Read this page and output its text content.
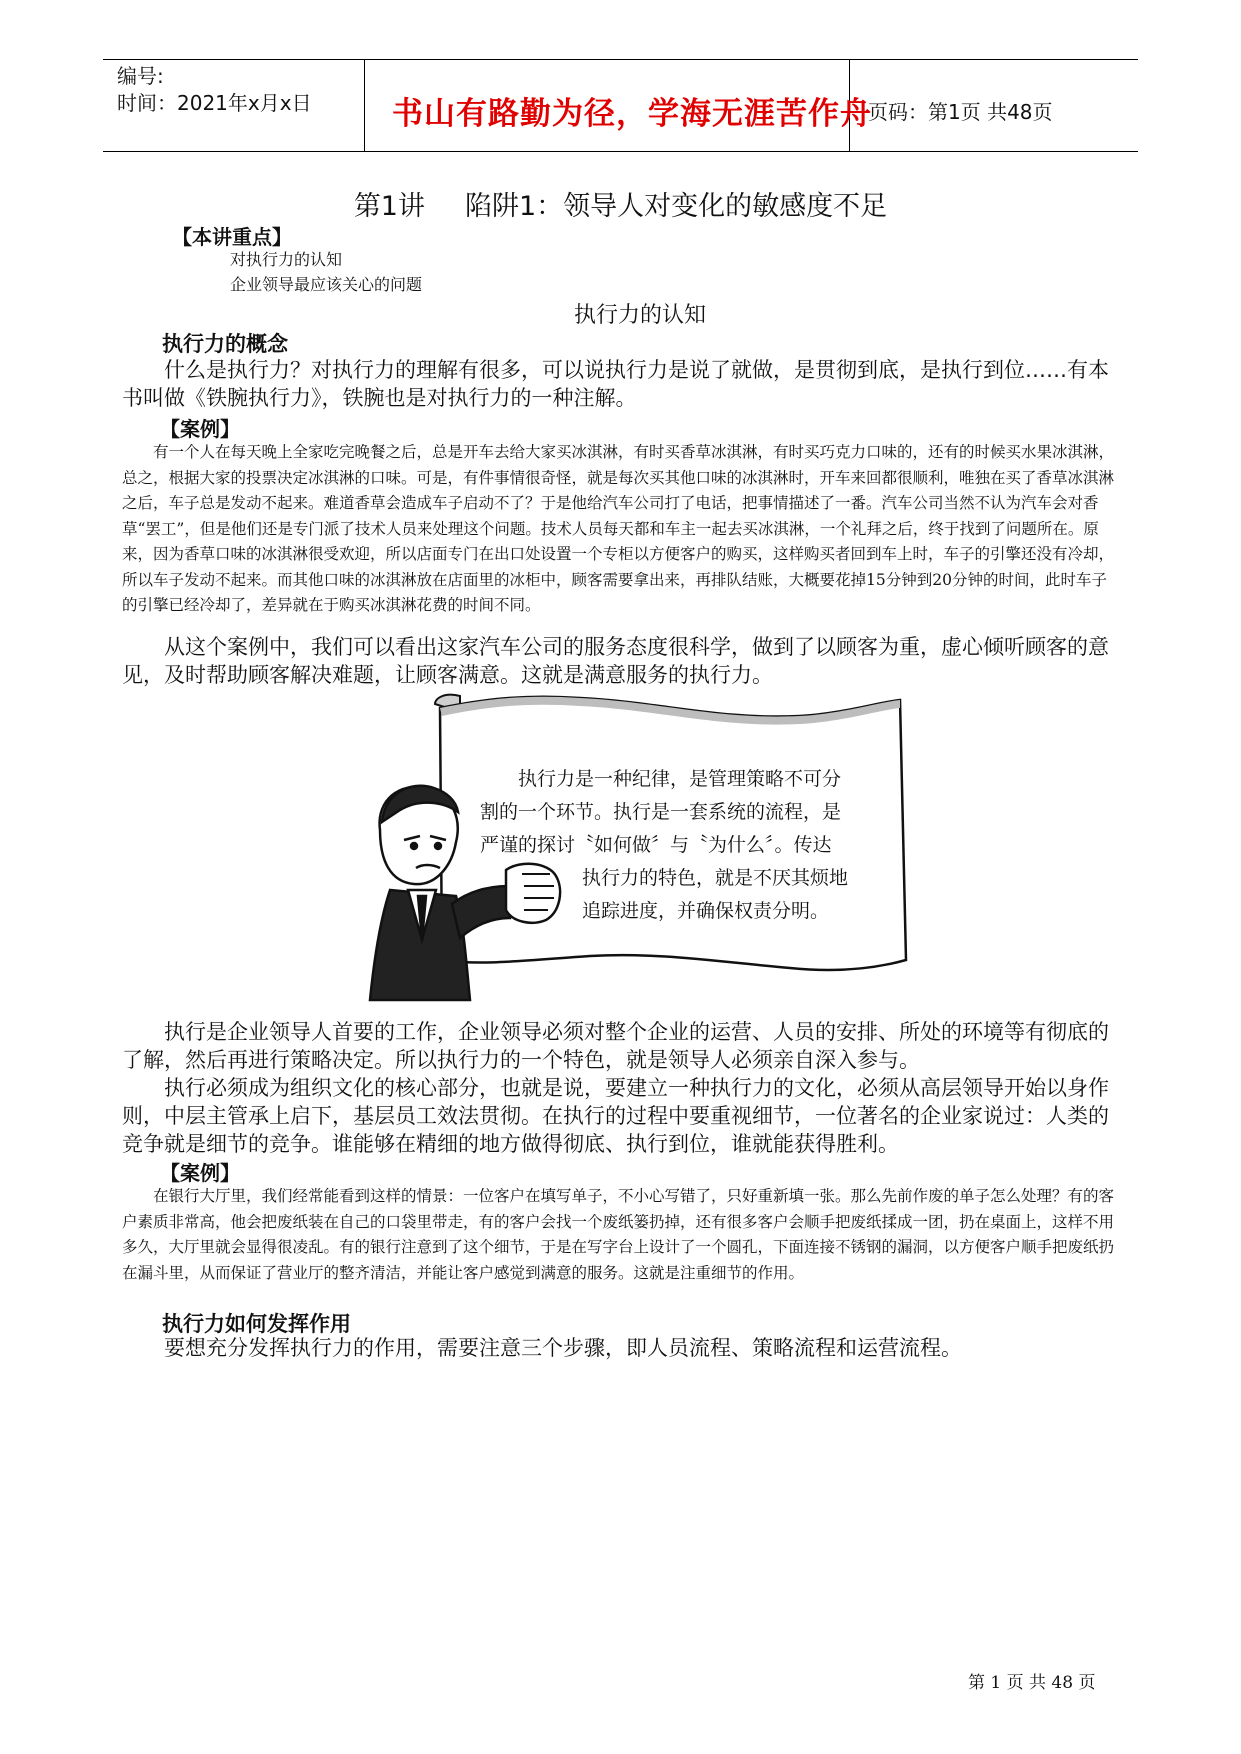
编号:
时间：2021年x月x日	书山有路勤为径，学海无涯苦作舟
页码：第1页 共48页
第1讲 陷阱1：领导人对变化的敏感度不足
【本讲重点】
对执行力的认知
企业领导最应该关心的问题
执行力的认知
执行力的概念
什么是执行力？对执行力的理解有很多，可以说执行力是说了就做，是贯彻到底，是执行到位……有本书叫做《铁腕执行力》，铁腕也是对执行力的一种注解。
【案例】
有一个人在每天晚上全家吃完晚餐之后，总是开车去给大家买冰淇淋，有时买香草冰淇淋，有时买巧克力口味的，还有的时候买水果冰淇淋，总之，根据大家的投票决定冰淇淋的口味。可是，有件事情很奇怪，就是每次买其他口味的冰淇淋时，开车来回都很顺利，唯独在买了香草冰淇淋之后，车子总是发动不起来。难道香草会造成车子启动不了？于是他给汽车公司打了电话，把事情描述了一番。汽车公司当然不认为汽车会对香草“罢工”，但是他们还是专门派了技术人员来处理这个问题。技术人员每天都和车主一起去买冰淇淋，一个礼拜之后，终于找到了问题所在。原来，因为香草口味的冰淇淋很受欢迎，所以店面专门在出口处设置一个专柜以方便客户的购买，这样购买者回到车上时，车子的引擎还没有冷却，所以车子发动不起来。而其他口味的冰淇淋放在店面里的冰柜中，顾客需要拿出来，再排队结账，大概要花掉15分钟到20分钟的时间，此时车子的引擎已经冷却了，差异就在于购买冰淇淋花费的时间不同。
从这个案例中，我们可以看出这家汽车公司的服务态度很科学，做到了以顾客为重，虚心倾听顾客的意见，及时帮助顾客解决难题，让顾客满意。这就是满意服务的执行力。
执行力是一种纪律，是管理策略不可分
割的一个环节。执行是一套系统的流程，是
严谨的探讨〝如何做〞与〝为什么〞。传达
执行力的特色，就是不厌其烦地
追踪进度，并确保权责分明。
执行是企业领导人首要的工作，企业领导必须对整个企业的运营、人员的安排、所处的环境等有彻底的了解，然后再进行策略决定。所以执行力的一个特色，就是领导人必须亲自深入参与。
执行必须成为组织文化的核心部分，也就是说，要建立一种执行力的文化，必须从高层领导开始以身作则，中层主管承上启下，基层员工效法贯彻。在执行的过程中要重视细节，一位著名的企业家说过：人类的竞争就是细节的竞争。谁能够在精细的地方做得彻底、执行到位，谁就能获得胜利。
【案例】
在银行大厅里，我们经常能看到这样的情景：一位客户在填写单子，不小心写错了，只好重新填一张。那么先前作废的单子怎么处理？有的客户素质非常高，他会把废纸装在自己的口袋里带走，有的客户会找一个废纸篓扔掉，还有很多客户会顺手把废纸揉成一团，扔在桌面上，这样不用多久，大厅里就会显得很凌乱。有的银行注意到了这个细节，于是在写字台上设计了一个圆孔，下面连接不锈钢的漏洞，以方便客户顺手把废纸扔在漏斗里，从而保证了营业厅的整齐清洁，并能让客户感觉到满意的服务。这就是注重细节的作用。
执行力如何发挥作用
要想充分发挥执行力的作用，需要注意三个步骤，即人员流程、策略流程和运营流程。
第 1 页 共 48 页
